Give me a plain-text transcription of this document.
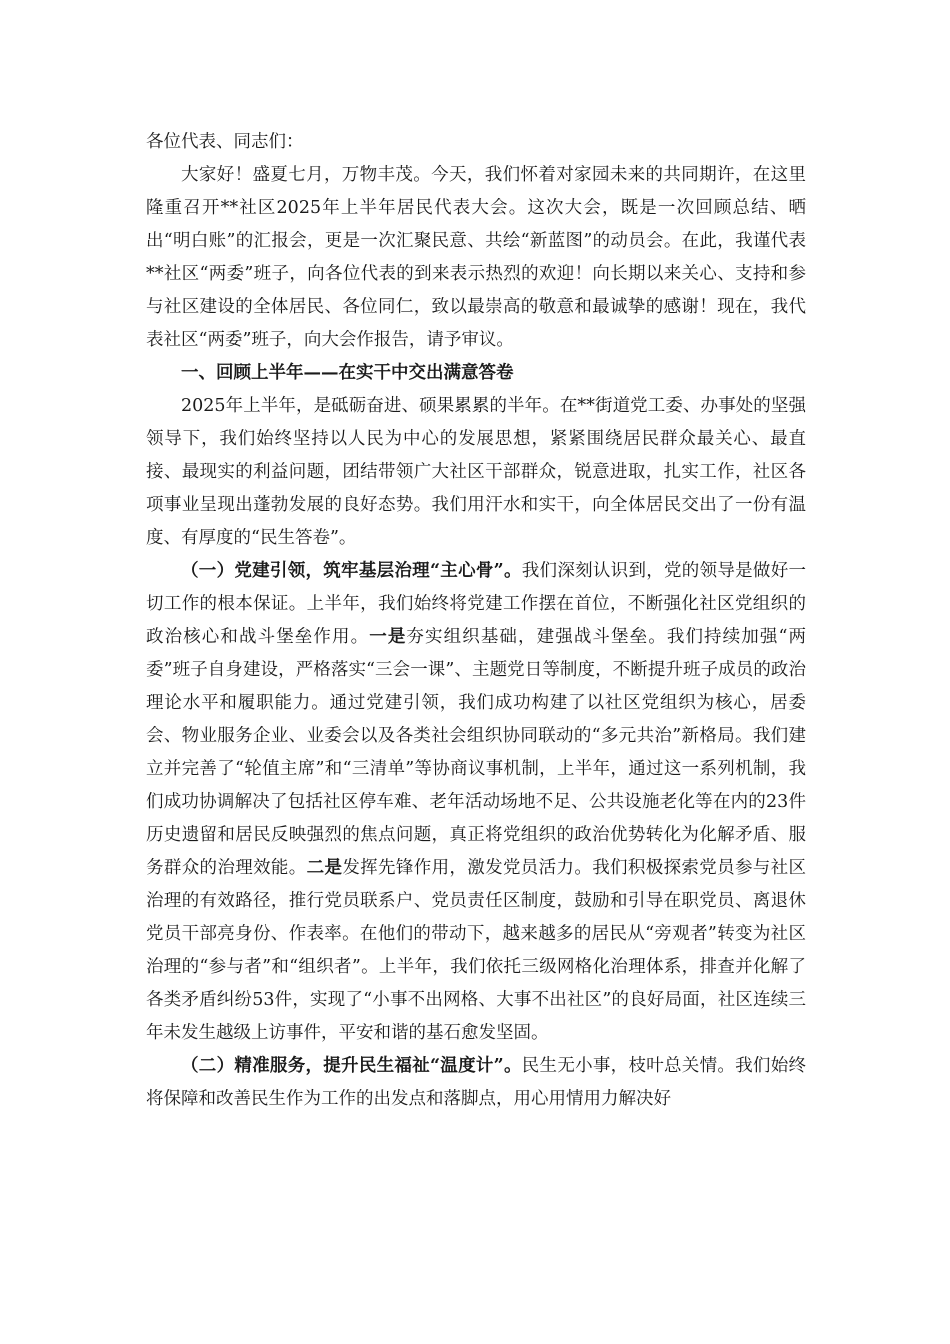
各位代表、同志们：

大家好！盛夏七月，万物丰茂。今天，我们怀着对家园未来的共同期许，在这里隆重召开**社区2025年上半年居民代表大会。这次大会，既是一次回顾总结、晒出“明白账”的汇报会，更是一次汇聚民意、共绘“新蓝图”的动员会。在此，我谨代表**社区“两委”班子，向各位代表的到来表示热烈的欢迎！向长期以来关心、支持和参与社区建设的全体居民、各位同仁，致以最崇高的敬意和最诚挚的感谢！现在，我代表社区“两委”班子，向大会作报告，请予审议。

一、回顾上半年——在实干中交出满意答卷

2025年上半年，是砥砺奋进、硕果累累的半年。在**街道党工委、办事处的坚强领导下，我们始终坚持以人民为中心的发展思想，紧紧围绕居民群众最关心、最直接、最现实的利益问题，团结带领广大社区干部群众，锐意进取，扎实工作，社区各项事业呈现出蓬勃发展的良好态势。我们用汗水和实干，向全体居民交出了一份有温度、有厚度的“民生答卷”。

（一）党建引领，筑牢基层治理“主心骨”。我们深刻认识到，党的领导是做好一切工作的根本保证。上半年，我们始终将党建工作摆在首位，不断强化社区党组织的政治核心和战斗堡垒作用。一是夯实组织基础，建强战斗堡垒。我们持续加强“两委”班子自身建设，严格落实“三会一课”、主题党日等制度，不断提升班子成员的政治理论水平和履职能力。通过党建引领，我们成功构建了以社区党组织为核心，居委会、物业服务企业、业委会以及各类社会组织协同联动的“多元共治”新格局。我们建立并完善了“轮值主席”和“三清单”等协商议事机制，上半年，通过这一系列机制，我们成功协调解决了包括社区停车难、老年活动场地不足、公共设施老化等在内的23件历史遗留和居民反映强烈的焦点问题，真正将党组织的政治优势转化为化解矛盾、服务群众的治理效能。二是发挥先锋作用，激发党员活力。我们积极探索党员参与社区治理的有效路径，推行党员联系户、党员责任区制度，鼓励和引导在职党员、离退休党员干部亮身份、作表率。在他们的带动下，越来越多的居民从“旁观者”转变为社区治理的“参与者”和“组织者”。上半年，我们依托三级网格化治理体系，排查并化解了各类矛盾纠纷53件，实现了“小事不出网格、大事不出社区”的良好局面，社区连续三年未发生越级上访事件，平安和谐的基石愈发坚固。

（二）精准服务，提升民生福祉“温度计”。民生无小事，枝叶总关情。我们始终将保障和改善民生作为工作的出发点和落脚点，用心用情用力解决好
